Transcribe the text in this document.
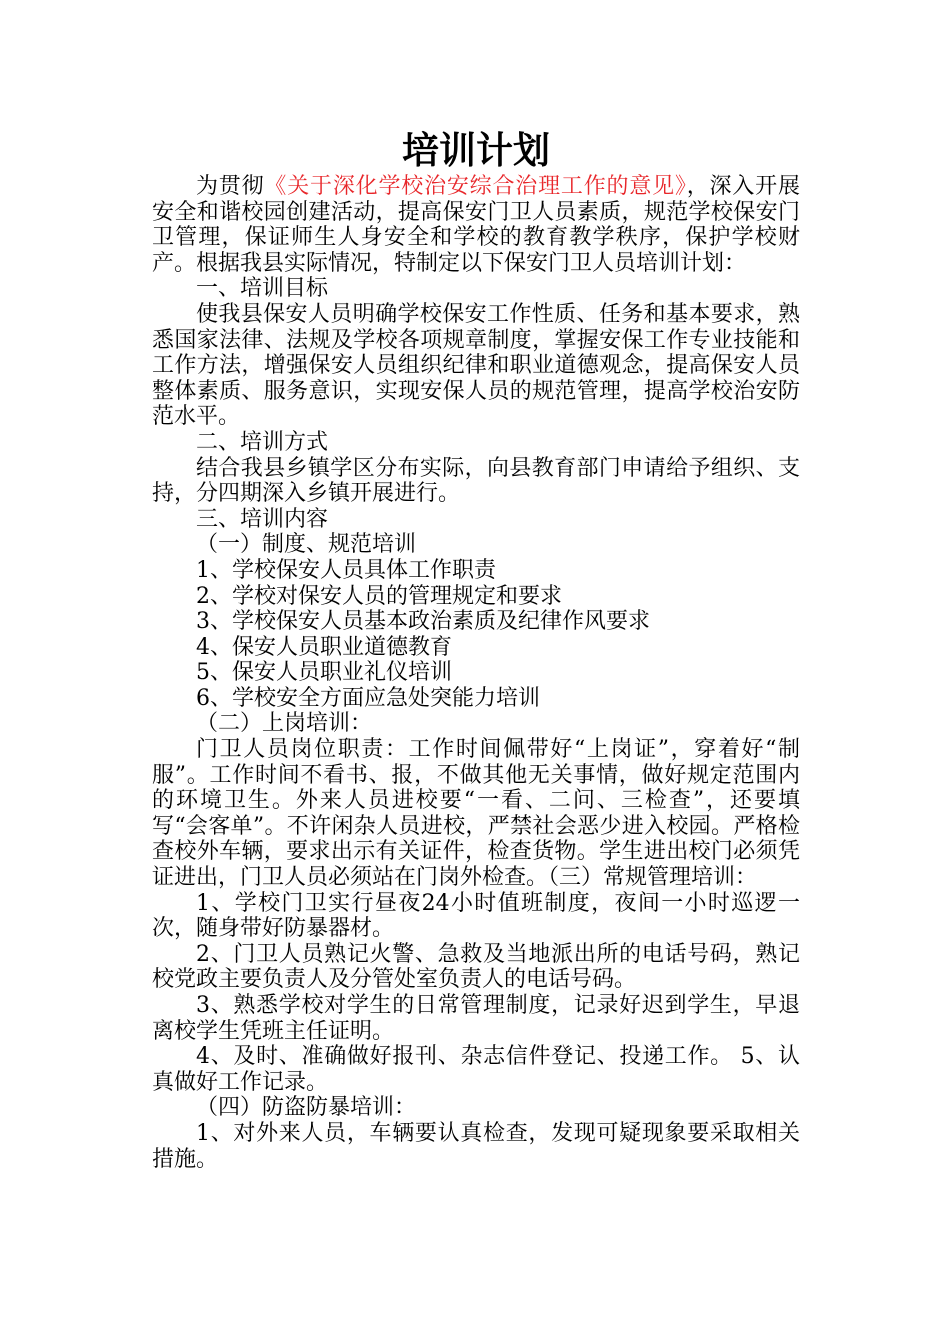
培训计划

为贯彻《关于深化学校治安综合治理工作的意见》，深入开展安全和谐校园创建活动，提高保安门卫人员素质，规范学校保安门卫管理，保证师生人身安全和学校的教育教学秩序，保护学校财产。根据我县实际情况，特制定以下保安门卫人员培训计划：

一、培训目标

使我县保安人员明确学校保安工作性质、任务和基本要求，熟悉国家法律、法规及学校各项规章制度，掌握安保工作专业技能和工作方法，增强保安人员组织纪律和职业道德观念，提高保安人员整体素质、服务意识，实现安保人员的规范管理，提高学校治安防范水平。

二、培训方式

结合我县乡镇学区分布实际，向县教育部门申请给予组织、支持，分四期深入乡镇开展进行。

三、培训内容

（一）制度、规范培训

1、学校保安人员具体工作职责

2、学校对保安人员的管理规定和要求

3、学校保安人员基本政治素质及纪律作风要求

4、保安人员职业道德教育

5、保安人员职业礼仪培训

6、学校安全方面应急处突能力培训

（二）上岗培训：

门卫人员岗位职责：工作时间佩带好“上岗证”，穿着好“制服”。工作时间不看书、报，不做其他无关事情，做好规定范围内的环境卫生。外来人员进校要“一看、二问、三检查”，还要填写“会客单”。不许闲杂人员进校，严禁社会恶少进入校园。严格检查校外车辆，要求出示有关证件，检查货物。学生进出校门必须凭证进出，门卫人员必须站在门岗外检查。（三）常规管理培训：

1、学校门卫实行昼夜24小时值班制度，夜间一小时巡逻一次，随身带好防暴器材。

2、门卫人员熟记火警、急救及当地派出所的电话号码，熟记校党政主要负责人及分管处室负责人的电话号码。

3、熟悉学校对学生的日常管理制度，记录好迟到学生，早退离校学生凭班主任证明。

4、及时、准确做好报刊、杂志信件登记、投递工作。 5、认真做好工作记录。

（四）防盗防暴培训：

1、对外来人员，车辆要认真检查，发现可疑现象要采取相关措施。
